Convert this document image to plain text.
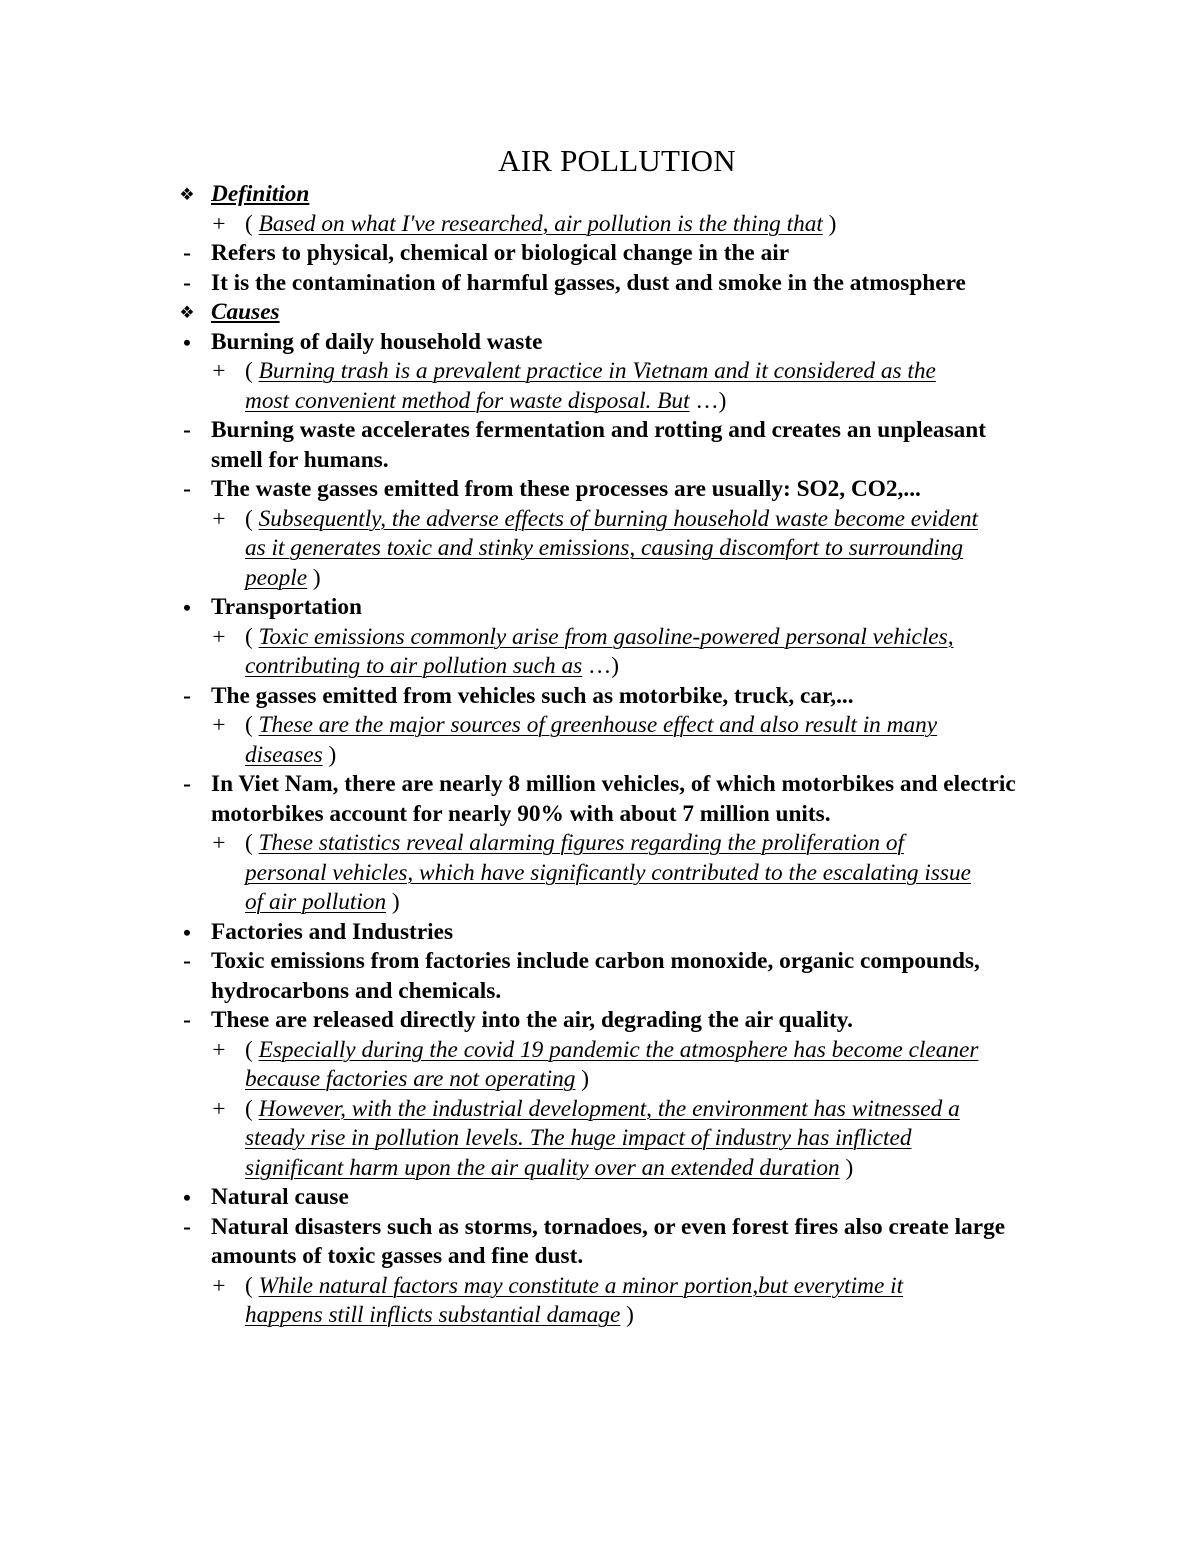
AIR POLLUTION
❖ Definition
+ ( Based on what I've researched, air pollution is the thing that )
- Refers to physical, chemical or biological change in the air
- It is the contamination of harmful gasses, dust and smoke in the atmosphere
❖ Causes
• Burning of daily household waste
+ ( Burning trash is a prevalent practice in Vietnam and it considered as the
most convenient method for waste disposal. But …)
- Burning waste accelerates fermentation and rotting and creates an unpleasant
smell for humans.
- The waste gasses emitted from these processes are usually: SO2, CO2,...
+ ( Subsequently, the adverse effects of burning household waste become evident
as it generates toxic and stinky emissions, causing discomfort to surrounding
people )
• Transportation
+ ( Toxic emissions commonly arise from gasoline-powered personal vehicles,
contributing to air pollution such as …)
- The gasses emitted from vehicles such as motorbike, truck, car,...
+ ( These are the major sources of greenhouse effect and also result in many
diseases )
- In Viet Nam, there are nearly 8 million vehicles, of which motorbikes and electric
motorbikes account for nearly 90% with about 7 million units.
+ ( These statistics reveal alarming figures regarding the proliferation of
personal vehicles, which have significantly contributed to the escalating issue
of air pollution )
• Factories and Industries
- Toxic emissions from factories include carbon monoxide, organic compounds,
hydrocarbons and chemicals.
- These are released directly into the air, degrading the air quality.
+ ( Especially during the covid 19 pandemic the atmosphere has become cleaner
because factories are not operating )
+ ( However, with the industrial development, the environment has witnessed a
steady rise in pollution levels. The huge impact of industry has inflicted
significant harm upon the air quality over an extended duration )
• Natural cause
- Natural disasters such as storms, tornadoes, or even forest fires also create large
amounts of toxic gasses and fine dust.
+ ( While natural factors may constitute a minor portion,but everytime it
happens still inflicts substantial damage )
